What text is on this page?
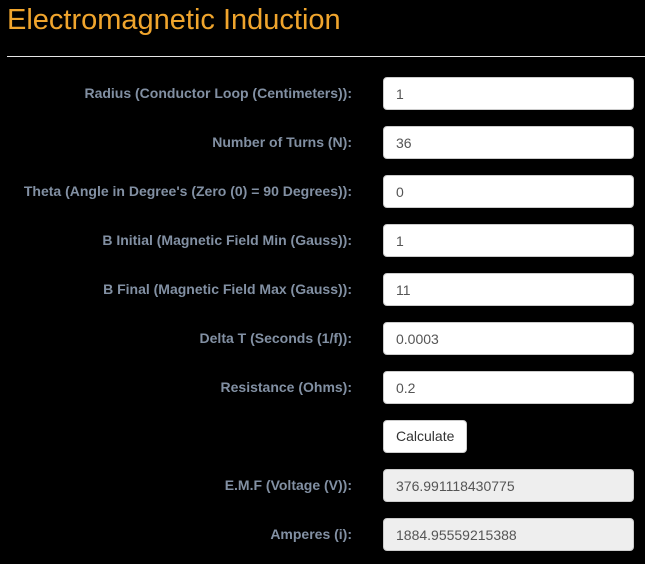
Electromagnetic Induction
Radius (Conductor Loop (Centimeters)):
1
Number of Turns (N):
36
Theta (Angle in Degree's (Zero (0) = 90 Degrees)):
0
B Initial (Magnetic Field Min (Gauss)):
1
B Final (Magnetic Field Max (Gauss)):
11
Delta T (Seconds (1/f)):
0.0003
Resistance (Ohms):
0.2
Calculate
E.M.F (Voltage (V)):
376.991118430775
Amperes (i):
1884.95559215388
